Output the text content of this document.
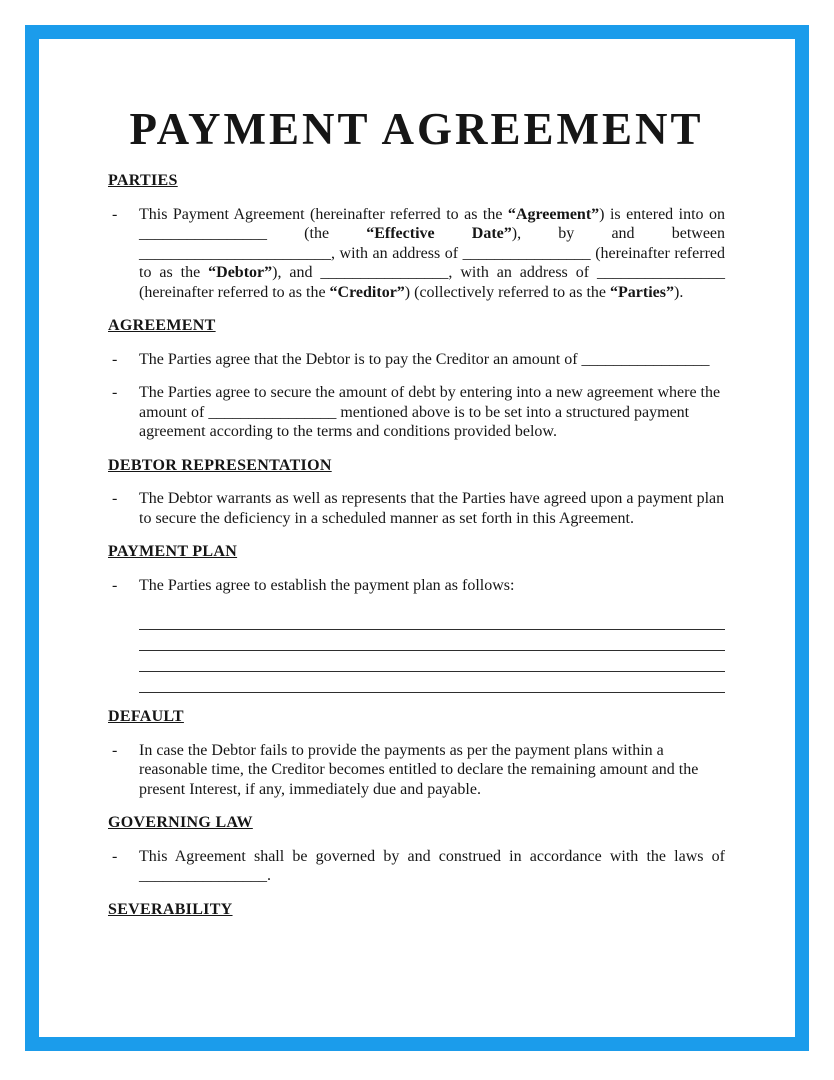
PAYMENT AGREEMENT
PARTIES
-	This Payment Agreement (hereinafter referred to as the “Agreement”) is entered into on ________________ (the “Effective Date”), by and between ________________________, with an address of ________________ (hereinafter referred to as the “Debtor”), and ________________, with an address of ________________ (hereinafter referred to as the “Creditor”) (collectively referred to as the “Parties”).
AGREEMENT
-	The Parties agree that the Debtor is to pay the Creditor an amount of ________________
-	The Parties agree to secure the amount of debt by entering into a new agreement where the amount of ________________ mentioned above is to be set into a structured payment agreement according to the terms and conditions provided below.
DEBTOR REPRESENTATION
-	The Debtor warrants as well as represents that the Parties have agreed upon a payment plan to secure the deficiency in a scheduled manner as set forth in this Agreement.
PAYMENT PLAN
-	The Parties agree to establish the payment plan as follows:
DEFAULT
-	In case the Debtor fails to provide the payments as per the payment plans within a reasonable time, the Creditor becomes entitled to declare the remaining amount and the present Interest, if any, immediately due and payable.
GOVERNING LAW
-	This Agreement shall be governed by and construed in accordance with the laws of ________________.
SEVERABILITY
